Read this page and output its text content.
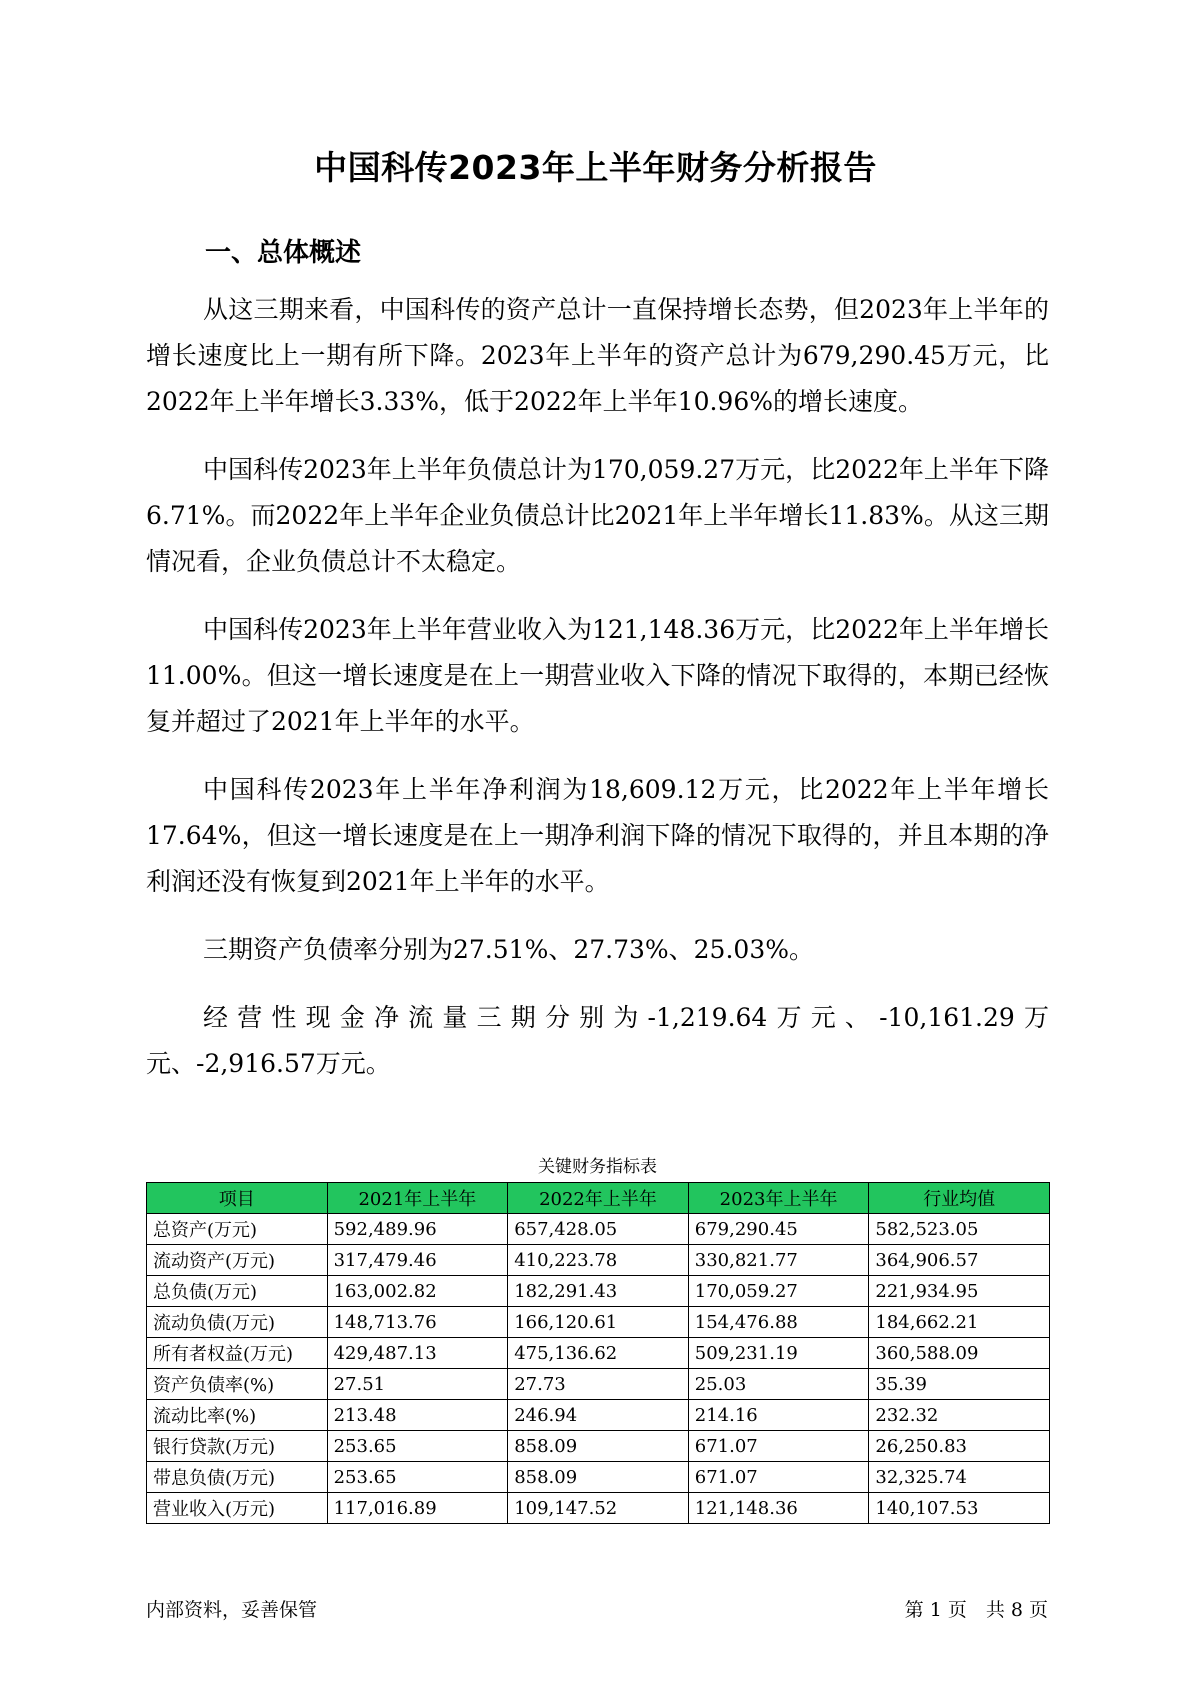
中国科传2023年上半年财务分析报告
一、总体概述

从这三期来看，中国科传的资产总计一直保持增长态势，但2023年上半年的增长速度比上一期有所下降。2023年上半年的资产总计为679,290.45万元，比2022年上半年增长3.33%，低于2022年上半年10.96%的增长速度。

中国科传2023年上半年负债总计为170,059.27万元，比2022年上半年下降6.71%。而2022年上半年企业负债总计比2021年上半年增长11.83%。从这三期情况看，企业负债总计不太稳定。

中国科传2023年上半年营业收入为121,148.36万元，比2022年上半年增长11.00%。但这一增长速度是在上一期营业收入下降的情况下取得的，本期已经恢复并超过了2021年上半年的水平。

中国科传2023年上半年净利润为18,609.12万元，比2022年上半年增长17.64%，但这一增长速度是在上一期净利润下降的情况下取得的，并且本期的净利润还没有恢复到2021年上半年的水平。

三期资产负债率分别为27.51%、27.73%、25.03%。

经营性现金净流量三期分别为-1,219.64万元、-10,161.29万元、-2,916.57万元。

关键财务指标表
项目	2021年上半年	2022年上半年	2023年上半年	行业均值
总资产(万元)	592,489.96	657,428.05	679,290.45	582,523.05
流动资产(万元)	317,479.46	410,223.78	330,821.77	364,906.57
总负债(万元)	163,002.82	182,291.43	170,059.27	221,934.95
流动负债(万元)	148,713.76	166,120.61	154,476.88	184,662.21
所有者权益(万元)	429,487.13	475,136.62	509,231.19	360,588.09
资产负债率(%)	27.51	27.73	25.03	35.39
流动比率(%)	213.48	246.94	214.16	232.32
银行贷款(万元)	253.65	858.09	671.07	26,250.83
带息负债(万元)	253.65	858.09	671.07	32,325.74
营业收入(万元)	117,016.89	109,147.52	121,148.36	140,107.53
内部资料，妥善保管	第 1 页　共 8 页
